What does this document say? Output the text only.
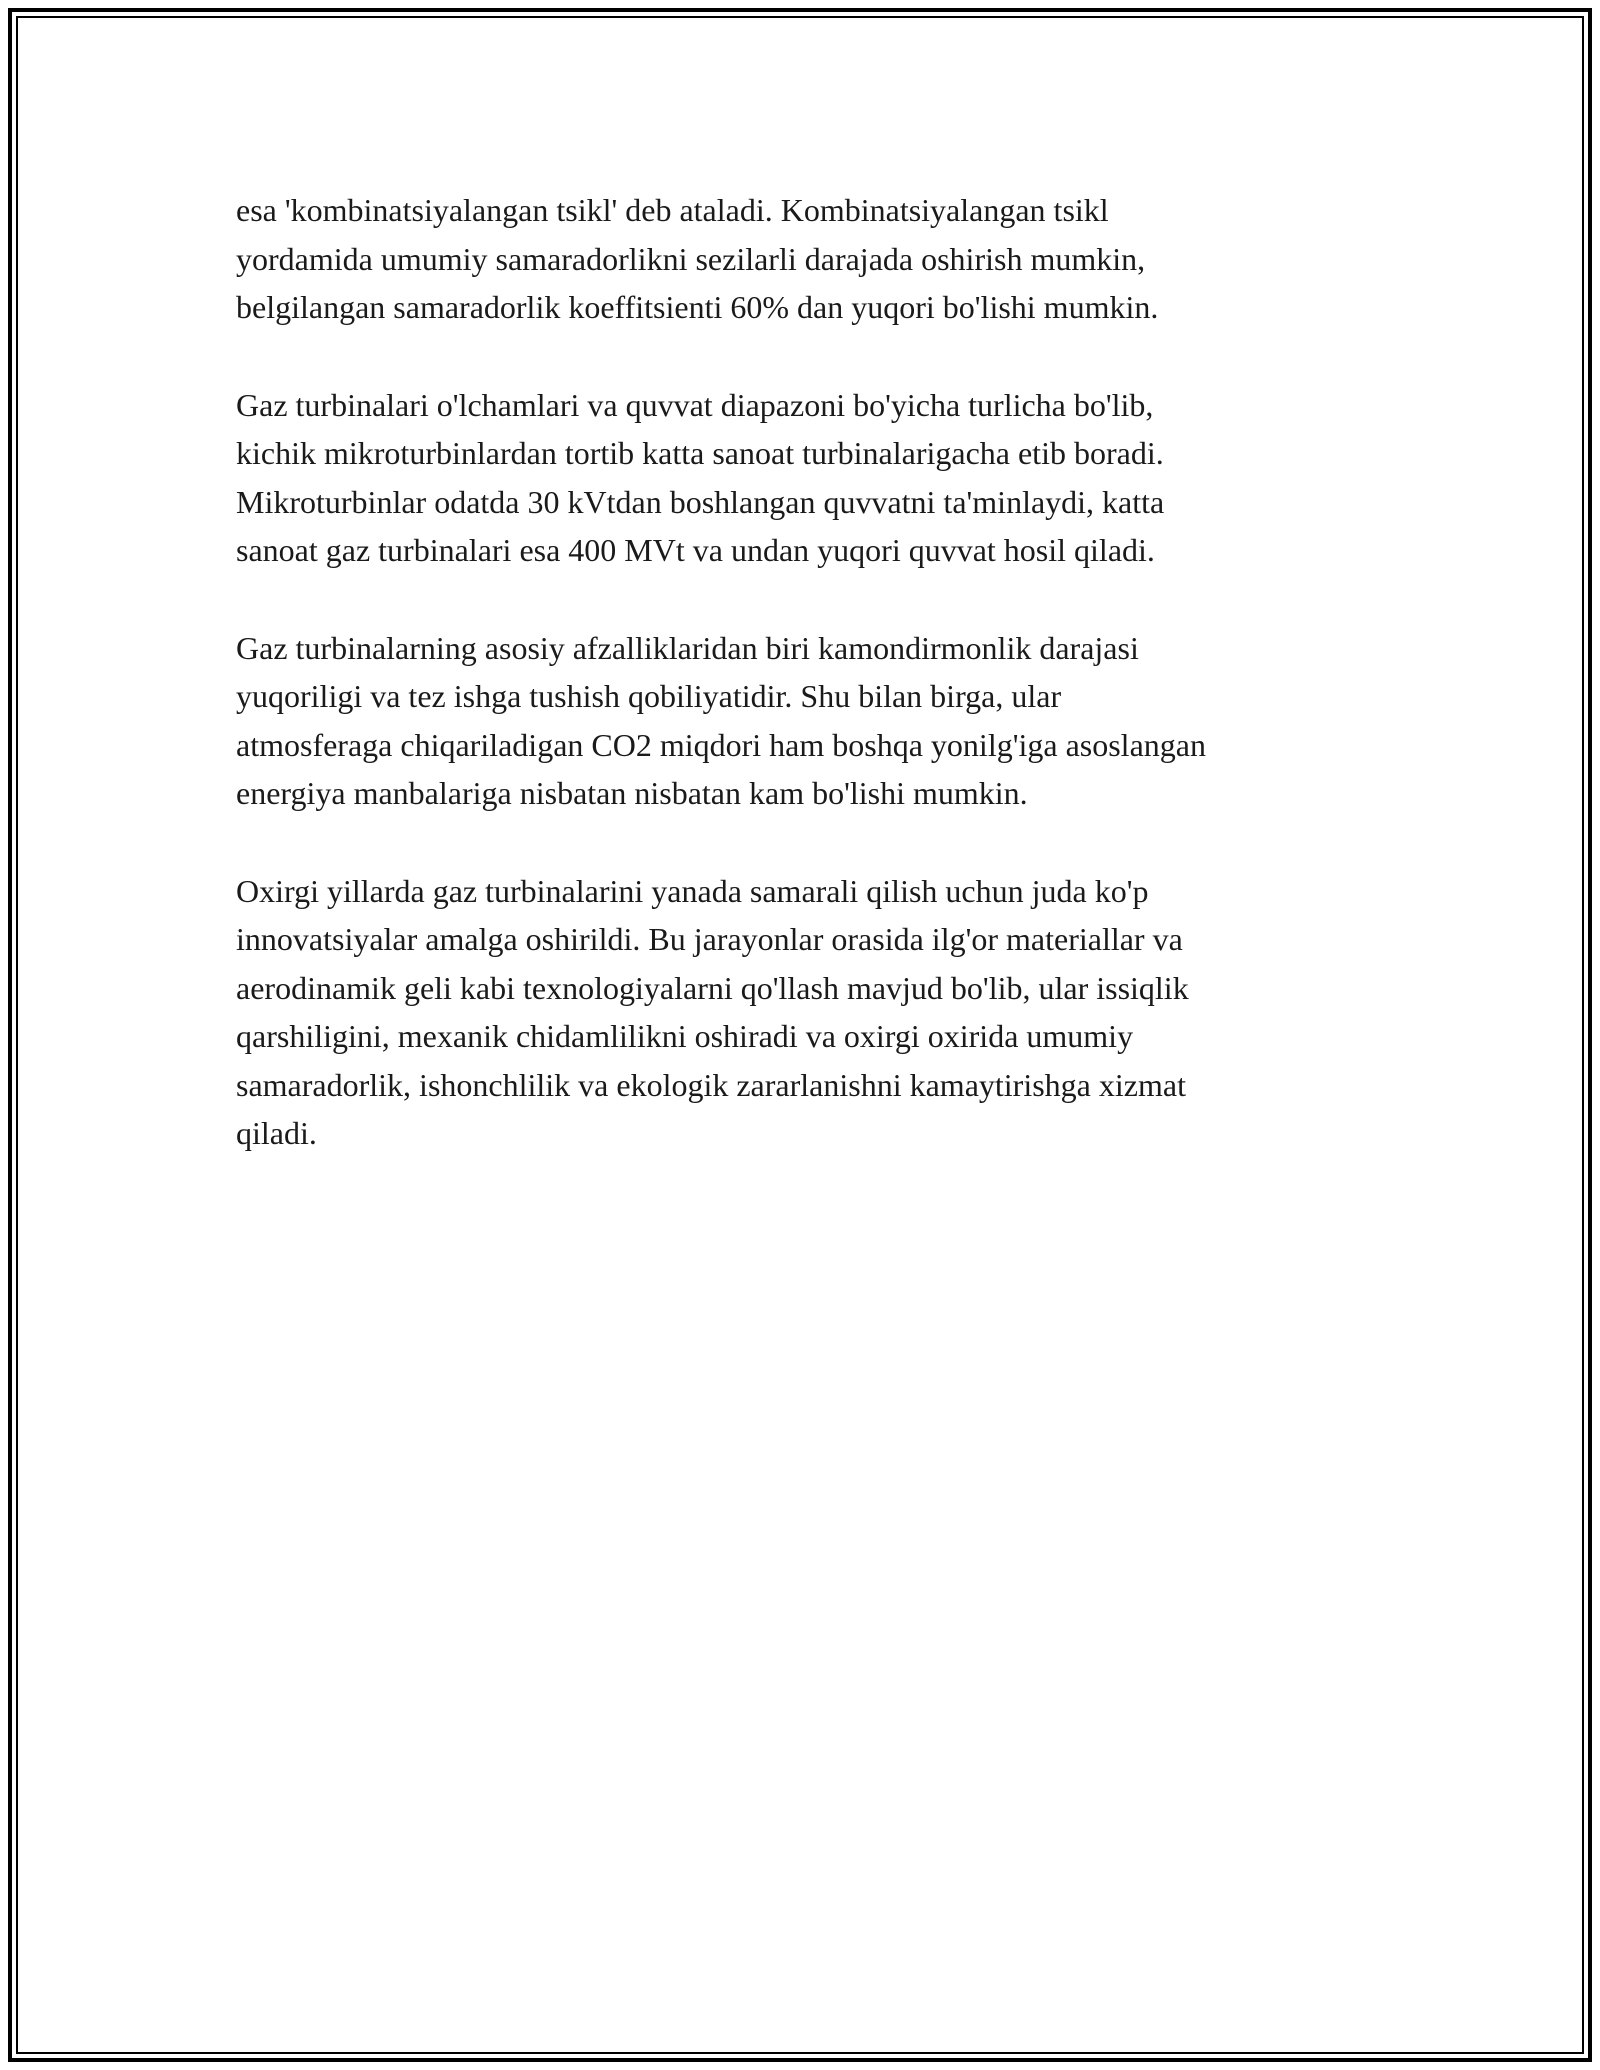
esa 'kombinatsiyalangan tsikl' deb ataladi. Kombinatsiyalangan tsikl
yordamida umumiy samaradorlikni sezilarli darajada oshirish mumkin,
belgilangan samaradorlik koeffitsienti 60% dan yuqori bo'lishi mumkin.

Gaz turbinalari o'lchamlari va quvvat diapazoni bo'yicha turlicha bo'lib,
kichik mikroturbinlardan tortib katta sanoat turbinalarigacha etib boradi.
Mikroturbinlar odatda 30 kVtdan boshlangan quvvatni ta'minlaydi, katta
sanoat gaz turbinalari esa 400 MVt va undan yuqori quvvat hosil qiladi.

Gaz turbinalarning asosiy afzalliklaridan biri kamondirmonlik darajasi
yuqoriligi va tez ishga tushish qobiliyatidir. Shu bilan birga, ular
atmosferaga chiqariladigan CO2 miqdori ham boshqa yonilg'iga asoslangan
energiya manbalariga nisbatan nisbatan kam bo'lishi mumkin.

Oxirgi yillarda gaz turbinalarini yanada samarali qilish uchun juda ko'p
innovatsiyalar amalga oshirildi. Bu jarayonlar orasida ilg'or materiallar va
aerodinamik geli kabi texnologiyalarni qo'llash mavjud bo'lib, ular issiqlik
qarshiligini, mexanik chidamlilikni oshiradi va oxirgi oxirida umumiy
samaradorlik, ishonchlilik va ekologik zararlanishni kamaytirishga xizmat
qiladi.
